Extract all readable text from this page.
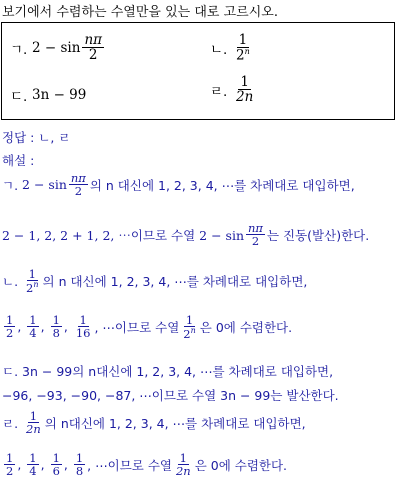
보기에서 수렴하는 수열만을 있는 대로 고르시오.
ㄱ. $2 - \sin \frac{n\pi}{2}$	ㄴ. $\frac{1}{2^n}$
ㄷ. 3n − 99	ㄹ. $\frac{1}{2n}$
정답 :
ㄴ, ㄹ
해설 :
ㄱ.
$2 - \sin \frac{n\pi}{2}$ 의 n 대신에 1, 2, 3, 4, ⋯를 차례대로 대입하면,
2 − 1, 2, 2 + 1, 2, ⋯이므로 수열 $2 - \sin \frac{n\pi}{2}$ 는 진동(발산)한다.
ㄴ.
$\frac{1}{2^n}$ 의 n 대신에 1, 2, 3, 4, ⋯를 차례대로 대입하면,
$\frac{1}{2}$ , $\frac{1}{4}$ , $\frac{1}{8}$ , $\frac{1}{16}$ , ⋯이므로 수열 $\frac{1}{2^n}$ 은 0에 수렴한다.
ㄷ. 3n − 99의 n대신에 1, 2, 3, 4, ⋯를 차례대로 대입하면,
−96, −93, −90, −87, ⋯이므로 수열 3n − 99는 발산한다.
ㄹ.
$\frac{1}{2n}$ 의 n대신에 1, 2, 3, 4, ⋯를 차례대로 대입하면,
$\frac{1}{2}$ , $\frac{1}{4}$ , $\frac{1}{6}$ , $\frac{1}{8}$ , ⋯이므로 수열 $\frac{1}{2n}$ 은 0에 수렴한다.
